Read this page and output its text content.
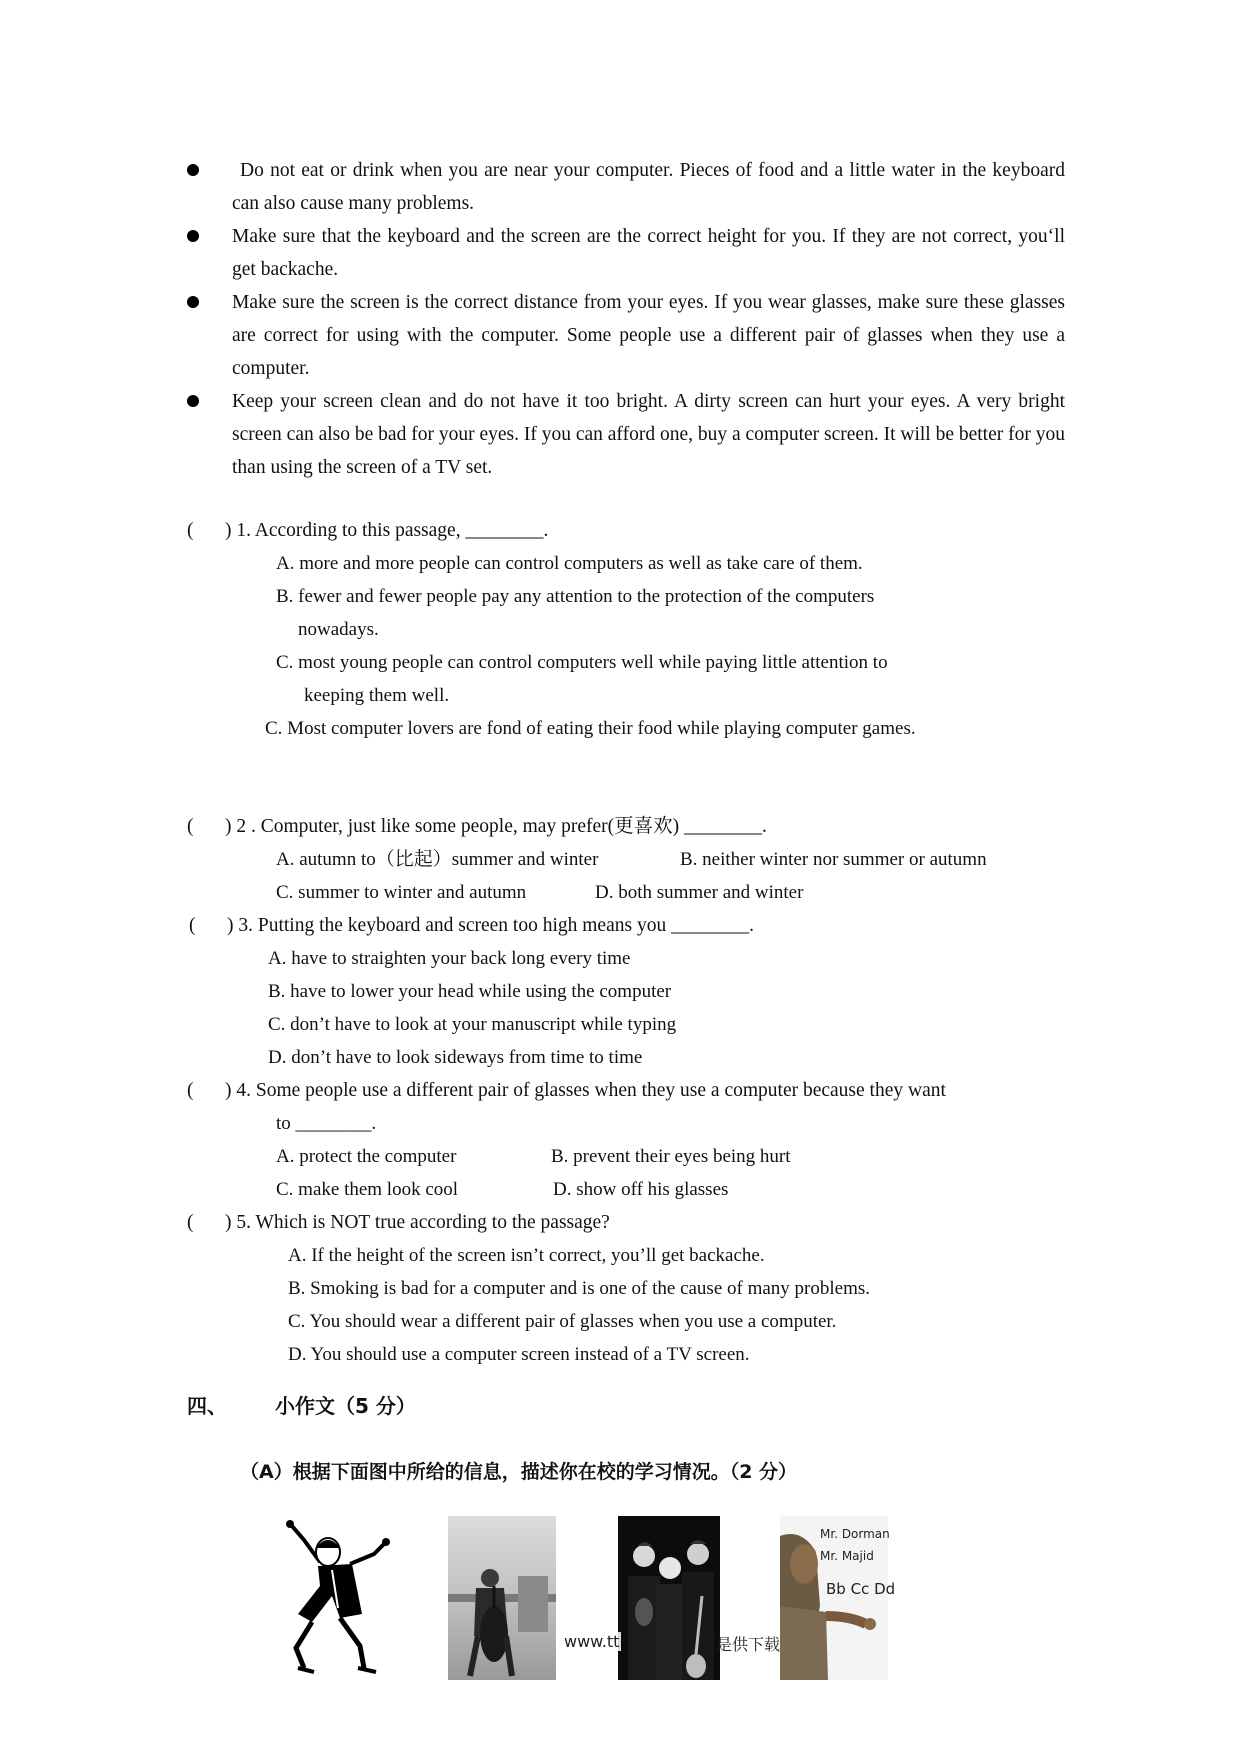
Do not eat or drink when you are near your computer. Pieces of food and a little water in the keyboard can also cause many problems.

Make sure that the keyboard and the screen are the correct height for you. If they are not correct, you‘ll get backache.

Make sure the screen is the correct distance from your eyes. If you wear glasses, make sure these glasses are correct for using with the computer. Some people use a different pair of glasses when they use a computer.

Keep your screen clean and do not have it too bright. A dirty screen can hurt your eyes. A very bright screen can also be bad for your eyes. If you can afford one, buy a computer screen. It will be better for you than using the screen of a TV set.

( ) 1. According to this passage, ________.
A. more and more people can control computers as well as take care of them.
B. fewer and fewer people pay any attention to the protection of the computers
nowadays.
C. most young people can control computers well while paying little attention to
keeping them well.
C. Most computer lovers are fond of eating their food while playing computer games.
( ) 2 . Computer, just like some people, may prefer(更喜欢) ________.
A. autumn to（比起）summer and winter	B. neither winter nor summer or autumn
C. summer to winter and autumn	D. both summer and winter
( ) 3. Putting the keyboard and screen too high means you ________.
A. have to straighten your back long every time
B. have to lower your head while using the computer
C. don’t have to look at your manuscript while typing
D. don’t have to look sideways from time to time
( ) 4. Some people use a different pair of glasses when they use a computer because they want
to ________.
A. protect the computer	B. prevent their eyes being hurt
C. make them look cool	D. show off his glasses
( ) 5. Which is NOT true according to the passage?
A. If the height of the screen isn’t correct, you’ll get backache.
B. Smoking is bad for a computer and is one of the cause of many problems.
C. You should wear a different pair of glasses when you use a computer.
D. You should use a computer screen instead of a TV screen.
四、 小作文（5 分）
（A）根据下面图中所给的信息，描述你在校的学习情况。（2 分）
Mr. Dorman
Mr. Majid
Bb Cc Dd
www.tt	是供下载
